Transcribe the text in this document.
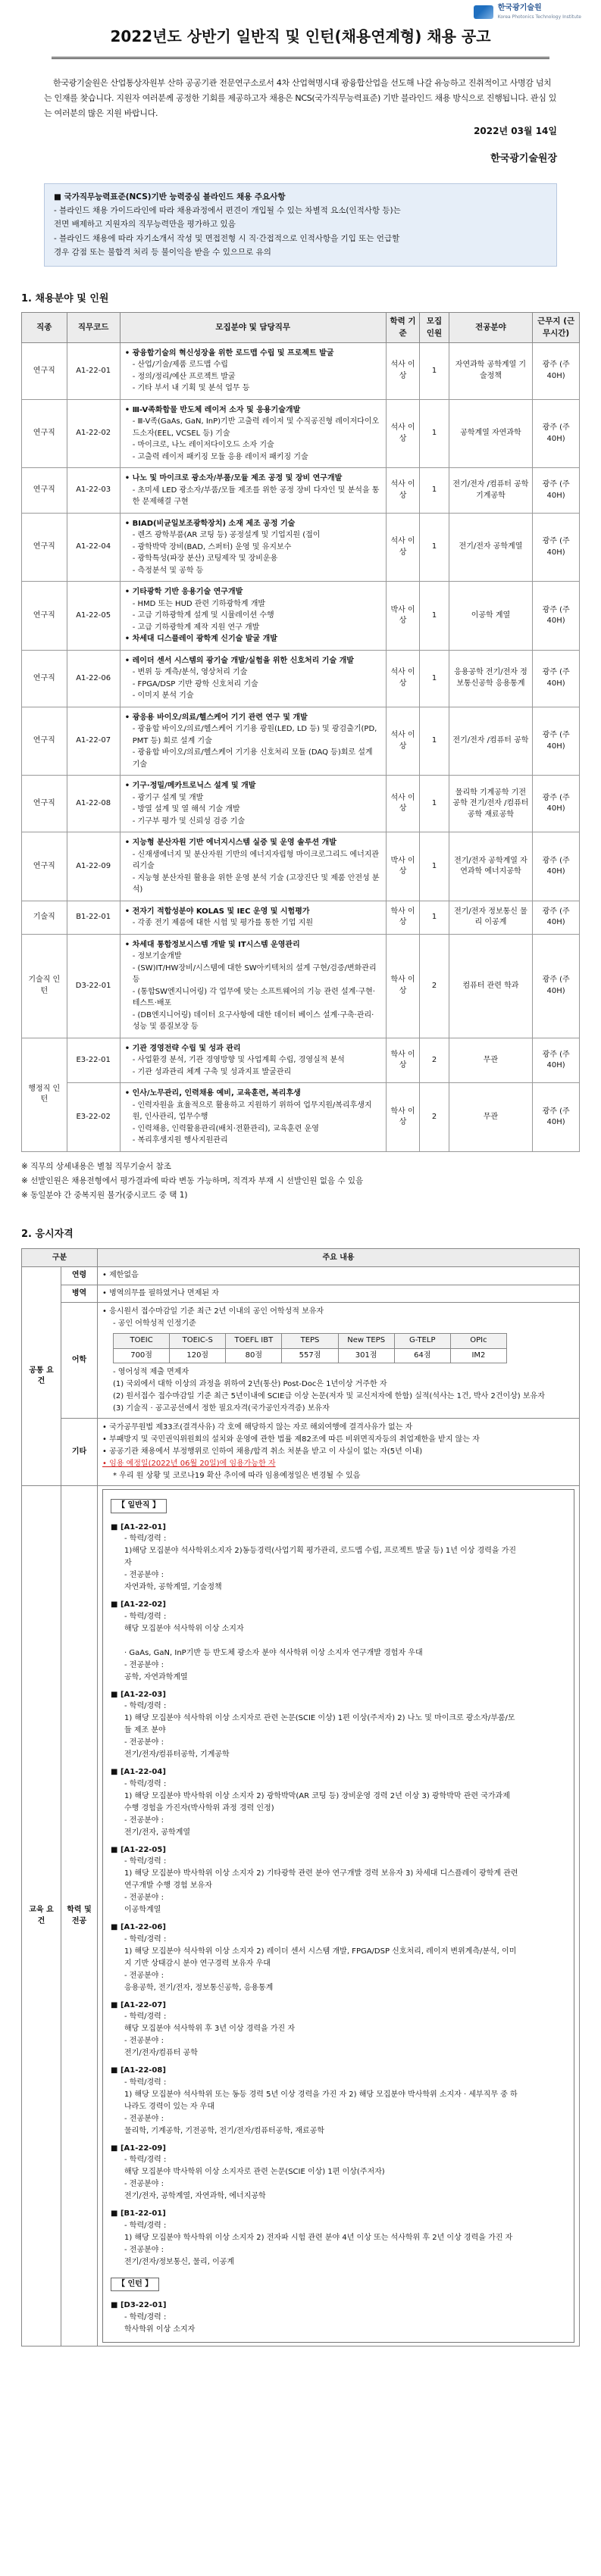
한국광기술원
Korea Photonics Technology Institute
2022년도 상반기 일반직 및 인턴(채용연계형) 채용 공고

한국광기술원은 산업통상자원부 산하 공공기관 전문연구소로서 4차 산업혁명시대 광융합산업을 선도해 나갈 유능하고 진취적이고 사명감 넘치는 인재를 찾습니다. 지원자 여러분께 공정한 기회를 제공하고자 채용은 NCS(국가직무능력표준) 기반 블라인드 채용 방식으로 진행됩니다. 관심 있는 여러분의 많은 지원 바랍니다.

2022년 03월 14일
한국광기술원장
■ 국가직무능력표준(NCS)기반 능력중심 블라인드 채용 주요사항
- 블라인드 채용 가이드라인에 따라 채용과정에서 편견이 개입될 수 있는 차별적 요소(인적사항 등)는
전면 배제하고 지원자의 직무능력만을 평가하고 있음
- 블라인드 채용에 따라 자기소개서 작성 및 면접전형 시 직·간접적으로 인적사항을 기입 또는 언급할
경우 감점 또는 불합격 처리 등 불이익을 받을 수 있으므로 유의
1. 채용분야 및 인원
직종	직무코드	모집분야 및 담당직무	학력 기준	모집 인원	전공분야	근무지 (근무시간)
연구직	A1-22-01	• 광융합기술의 혁신성장을 위한 로드맵 수립 및 프로젝트 발굴
- 산업/기술/제품 로드맵 수립
- 정의/정리/예산 프로젝트 발굴
- 기타 부서 내 기획 및 분석 업무 등	석사 이상	1	자연과학 공학계열 기술정책	광주 (주40H)
연구직	A1-22-02	• Ⅲ-V족화합물 반도체 레이저 소자 및 응용기술개발
- Ⅲ-V족(GaAs, GaN, InP)기반 고출력 레이저 및 수직공진형 레이저다이오드소자(EEL, VCSEL 등) 기술
- 마이크로, 나노 레이저다이오드 소자 기술
- 고출력 레이저 패키징 모듈 응용 레이저 패키징 기술	석사 이상	1	공학계열 자연과학	광주 (주40H)
연구직	A1-22-03	• 나노 및 마이크로 광소자/부품/모듈 제조 공정 및 장비 연구개발
- 초미세 LED 광소자/부품/모듈 제조를 위한 공정 장비 다자인 및 분석을 통한 문제해결 구현	석사 이상	1	전기/전자 /컴퓨터 공학 기계공학	광주 (주40H)
연구직	A1-22-04	• BIAD(비균일보조광학장치) 소재 제조 공정 기술
- 렌즈 광학부품(AR 코팅 등) 공정설계 및 기업지원 (접이
- 광학박막 장비(BAD, 스퍼터) 운영 및 유지보수
- 광학특성(파장 분산) 코팅제작 및 장비운용
- 측정분석 및 공학 등	석사 이상	1	전기/전자 공학계열	광주 (주40H)
연구직	A1-22-05	• 기타광학 기반 응용기술 연구개발
- HMD 또는 HUD 관련 기하광학계 개발
- 고급 기하광학계 설계 및 시뮬레이션 수행
- 고급 기하광학계 제작 지원 연구 개발
• 차세대 디스플레이 광학계 신기술 발굴 개발	박사 이상	1	이공학 계열	광주 (주40H)
연구직	A1-22-06	• 레이더 센서 시스템의 광기술 개발/실험을 위한 신호처리 기술 개발
- 변위 등 계측/분석, 영상처리 기술
- FPGA/DSP 기반 광학 신호처리 기술
- 이미지 분석 기술	석사 이상	1	응용공학 전기/전자 정보통신공학 응용통계	광주 (주40H)
연구직	A1-22-07	• 광응용 바이오/의료/헬스케어 기기 관련 연구 및 개발
- 광융합 바이오/의료/헬스케어 기기용 광원(LED, LD 등) 및 광검출기(PD, PMT 등) 회로 설계 기술
- 광융합 바이오/의료/헬스케어 기기용 신호처리 모듈 (DAQ 등)회로 설계 기술	석사 이상	1	전기/전자 /컴퓨터 공학	광주 (주40H)
연구직	A1-22-08	• 기구·정밀/메카트로닉스 설계 및 개발
- 광기구 설계 및 개발
- 방열 설계 및 열 해석 기술 개발
- 기구부 평가 및 신뢰성 검증 기술	석사 이상	1	물리학 기계공학 기전공학 전기/전자 /컴퓨터공학 재료공학	광주 (주40H)
연구직	A1-22-09	• 지능형 분산자원 기반 에너지시스템 실증 및 운영 솔루션 개발
- 신재생에너지 및 분산자원 기반의 에너지자립형 마이크로그리드 에너지관리기술
- 지능형 분산자원 활용을 위한 운영 분석 기술 (고장진단 및 제품 안전성 분석)	박사 이상	1	전기/전자 공학계열 자연과학 에너지공학	광주 (주40H)
기술직	B1-22-01	• 전자기 적합성분야 KOLAS 및 IEC 운영 및 시험평가
- 각종 전기 제품에 대한 시험 및 평가를 통한 기업 지원	학사 이상	1	전기/전자 정보통신 물리 이공계	광주 (주40H)
기술직 인턴	D3-22-01	• 차세대 통합정보시스템 개발 및 IT시스템 운영관리
- 정보기술개발
- (SW)IT/HW장비/시스템에 대한 SW아키텍처의 설계 구현/검증/변화관리 등
- (통합SW엔지니어링) 각 업무에 맞는 소프트웨어의 기능 관련 설계·구현·테스트·배포
- (DB엔지니어링) 데이터 요구사항에 대한 데이터 베이스 설계·구축·관리·성능 및 품질보장 등	학사 이상	2	컴퓨터 관련 학과	광주 (주40H)
행정직 인턴	E3-22-01	• 기관 경영전략 수립 및 성과 관리
- 사업환경 분석, 기관 경영방향 및 사업계획 수립, 경영실적 분석
- 기관 성과관리 체계 구축 및 성과지표 발굴관리	학사 이상	2	무관	광주 (주40H)
	E3-22-02	• 인사/노무관리, 인력채용 예비, 교육훈련, 복리후생
- 인력자원을 효율적으로 활용하고 지원하기 위하여 업무지원/복리후생지원, 인사관리, 업무수행
- 인력채용, 인력활용관리(배치·전환관리), 교육훈련 운영
- 복리후생지원 행사지원관리	학사 이상	2	무관	광주 (주40H)
※ 직무의 상세내용은 별첨 직무기술서 참조
※ 선발인원은 채용전형에서 평가결과에 따라 변동 가능하며, 적격자 부재 시 선발인원 없음 수 있음
※ 동일분야 간 중복지원 불가(중시코드 중 택 1)
2. 응시자격
구분	주요 내용
공통 요건	연령	• 제한없음
병역	• 병역의무를 필하였거나 면제된 자
어학	
• 응시원서 접수마감일 기준 최근 2년 이내의 공인 어학성적 보유자
- 공인 어학성적 인정기준
TOEIC	TOEIC-S	TOEFL IBT	TEPS	New TEPS	G-TELP	OPIc
700점	120점	80점	557점	301점	64점	IM2
- 영어성적 제출 면제자
(1) 국외에서 대학 이상의 과정을 위하여 2년(통산) Post-Doc은 1년이상 거주한 자
(2) 원서접수 접수마감일 기준 최근 5년이내에 SCIE급 이상 논문(저자 및 교신저자에 한함) 실적(석사는 1건, 박사 2건이상) 보유자
(3) 기술직 · 공고공선에서 정한 필요자격(국가공인자격증) 보유자

기타	
• 국가공무원법 제33조(결격사유) 각 호에 해당하지 않는 자로 해외여행에 결격사유가 없는 자
• 부패방지 및 국민권익위원회의 설치와 운영에 관한 법률 제82조에 따른 비위면직자등의 취업제한을 받지 않는 자
• 공공기관 채용에서 부정행위로 인하여 채용/합격 취소 처분을 받고 이 사실이 없는 자(5년 이내)
• 임용 예정일(2022년 06월 20일)에 임용가능한 자
* 우리 원 상황 및 코로나19 확산 추이에 따라 임용예정일은 변경될 수 있음

교육 요건	학력 및 전공	
【 일반직 】
■ [A1-22-01]
- 학력/경력 :1)해당 모집분야 석사학위소지자 2)동등경력(사업기획 평가관리, 로드맵 수립, 프로젝트 발굴 등) 1년 이상 경력을 가진 자
- 전공분야 :자연과학, 공학계열, 기술정책
■ [A1-22-02]
- 학력/경력 :해당 모집분야 석사학위 이상 소지자
· GaAs, GaN, InP기반 등 반도체 광소자 분야 석사학위 이상 소지자 연구개발 경험자 우대
- 전공분야 :공학, 자연과학계열
■ [A1-22-03]
- 학력/경력 :1) 해당 모집분야 석사학위 이상 소지자로 관련 논문(SCIE 이상) 1편 이상(주저자) 2) 나노 및 마이크로 광소자/부품/모듈 제조 분야
- 전공분야 :전기/전자/컴퓨터공학, 기계공학
■ [A1-22-04]
- 학력/경력 :1) 해당 모집분야 박사학위 이상 소지자 2) 광학박막(AR 코팅 등) 장비운영 경력 2년 이상 3) 광학박막 관련 국가과제 수행 경험을 가진자(박사학위 과정 경력 인정)
- 전공분야 :전기/전자, 공학계열
■ [A1-22-05]
- 학력/경력 :1) 해당 모집분야 박사학위 이상 소지자 2) 기타광학 관련 분야 연구개발 경력 보유자 3) 차세대 디스플레이 광학계 관련 연구개발 수행 경험 보유자
- 전공분야 :이공학계열
■ [A1-22-06]
- 학력/경력 :1) 해당 모집분야 석사학위 이상 소지자 2) 레이더 센서 시스템 개발, FPGA/DSP 신호처리, 레이저 변위계측/분석, 이미지 기반 상태감시 분야 연구경력 보유자 우대
- 전공분야 :응용공학, 전기/전자, 정보통신공학, 응용통계
■ [A1-22-07]
- 학력/경력 :해당 모집분야 석사학위 후 3년 이상 경력을 가진 자
- 전공분야 :전기/전자/컴퓨터 공학
■ [A1-22-08]
- 학력/경력 :1) 해당 모집분야 석사학위 또는 동등 경력 5년 이상 경력을 가진 자 2) 해당 모집분야 박사학위 소지자 · 세부직무 중 하나라도 경력이 있는 자 우대
- 전공분야 :물리학, 기계공학, 기전공학, 전기/전자/컴퓨터공학, 재료공학
■ [A1-22-09]
- 학력/경력 :해당 모집분야 박사학위 이상 소지자로 관련 논문(SCIE 이상) 1편 이상(주저자)
- 전공분야 :전기/전자, 공학계열, 자연과학, 에너지공학
■ [B1-22-01]
- 학력/경력 :1) 해당 모집분야 학사학위 이상 소지자 2) 전자파 시험 관련 분야 4년 이상 또는 석사학위 후 2년 이상 경력을 가진 자
- 전공분야 :전기/전자/정보통신, 물리, 이공계
【 인턴 】
■ [D3-22-01]
- 학력/경력 :학사학위 이상 소지자
